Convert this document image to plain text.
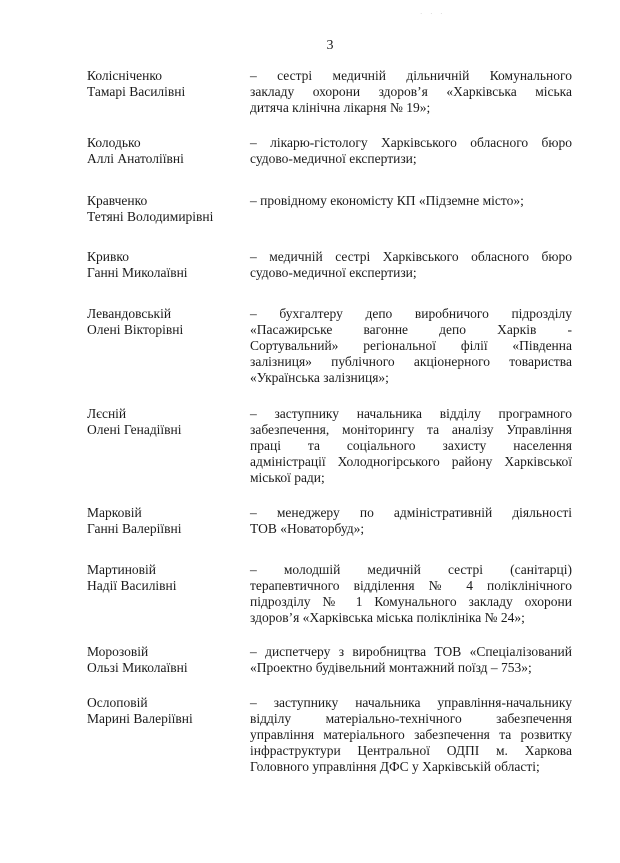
· · ·
3
Колісніченко
Тамарі Василівні
– сестрі медичній дільничній Комунального
закладу охорони здоров’я «Харківська міська
дитяча клінічна лікарня № 19»;
Колодько
Аллі Анатоліївні
– лікарю-гістологу Харківського обласного бюро
судово-медичної експертизи;
Кравченко
Тетяні Володимирівні
– провідному економісту КП «Підземне місто»;
Кривко
Ганні Миколаївні
– медичній сестрі Харківського обласного бюро
судово-медичної експертизи;
Левандовській
Олені Вікторівні
– бухгалтеру депо виробничого підрозділу
«Пасажирське вагонне депо Харків -
Сортувальний» регіональної філії «Південна
залізниця» публічного акціонерного товариства
«Українська залізниця»;
Лєсній
Олені Генадіївні
– заступнику начальника відділу програмного
забезпечення, моніторингу та аналізу Управління
праці та соціального захисту населення
адміністрації Холодногірського району Харківської
міської ради;
Марковій
Ганні Валеріївні
– менеджеру по адміністративній діяльності
ТОВ «Новаторбуд»;
Мартиновій
Надії Василівні
– молодшій медичній сестрі (санітарці)
терапевтичного відділення № 4 поліклінічного
підрозділу № 1 Комунального закладу охорони
здоров’я «Харківська міська поліклініка № 24»;
Морозовій
Ользі Миколаївні
– диспетчеру з виробництва ТОВ «Спеціалізований
«Проектно будівельний монтажний поїзд – 753»;
Ослоповій
Марині Валеріївні
– заступнику начальника управління-начальнику
відділу матеріально-технічного забезпечення
управління матеріального забезпечення та розвитку
інфраструктури Центральної ОДПІ м. Харкова
Головного управління ДФС у Харківській області;
